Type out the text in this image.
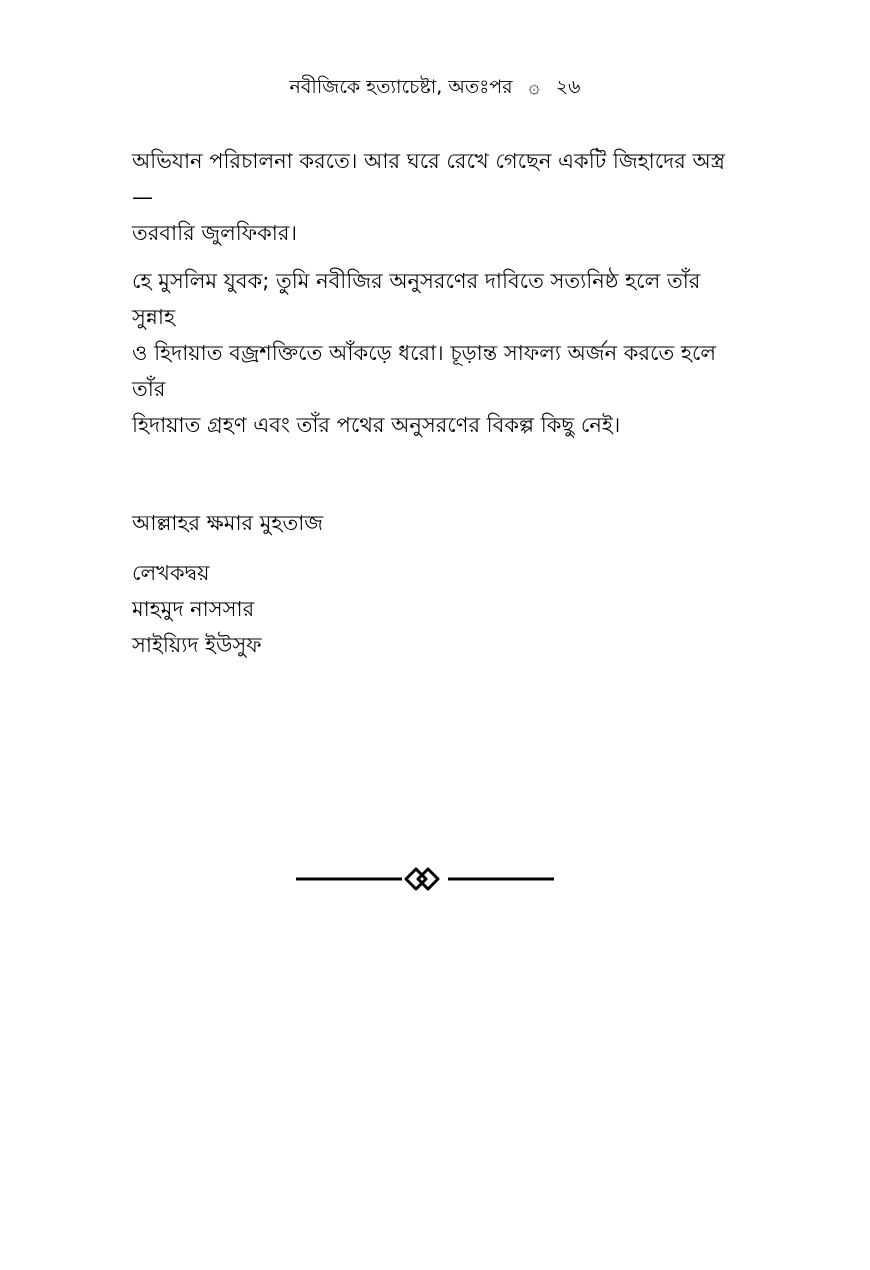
নবীজিকে হত্যাচেষ্টা, অতঃপর ۞ ২৬

অভিযান পরিচালনা করতে। আর ঘরে রেখে গেছেন একটি জিহাদের অস্ত্র—
তরবারি জুলফিকার।

হে মুসলিম যুবক; তুমি নবীজির অনুসরণের দাবিতে সত্যনিষ্ঠ হলে তাঁর সুন্নাহ
ও হিদায়াত বজ্রশক্তিতে আঁকড়ে ধরো। চূড়ান্ত সাফল্য অর্জন করতে হলে তাঁর
হিদায়াত গ্রহণ এবং তাঁর পথের অনুসরণের বিকল্প কিছু নেই।

আল্লাহর ক্ষমার মুহতাজ

লেখকদ্বয়
মাহমুদ নাসসার
সাইয়্যিদ ইউসুফ
